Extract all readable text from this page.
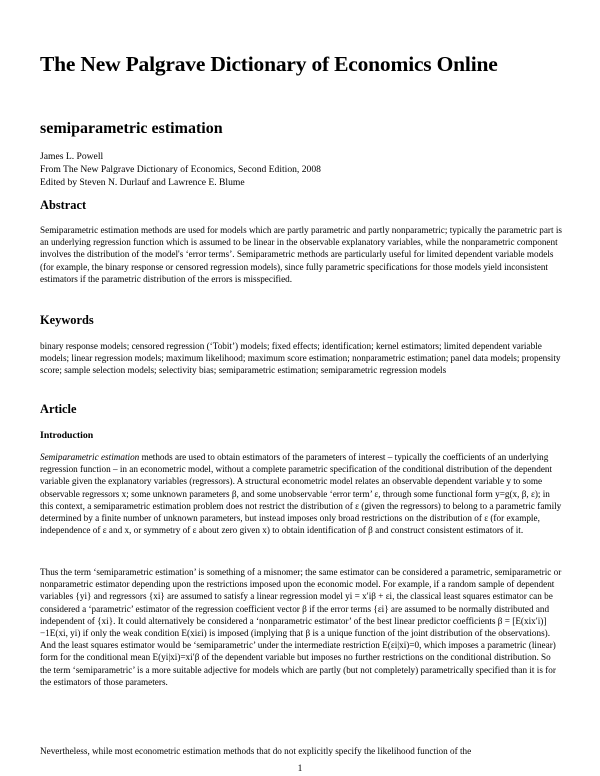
The New Palgrave Dictionary of Economics Online
semiparametric estimation
James L. Powell
From The New Palgrave Dictionary of Economics, Second Edition, 2008
Edited by Steven N. Durlauf and Lawrence E. Blume
Abstract
Semiparametric estimation methods are used for models which are partly parametric and partly nonparametric; typically the parametric part is an underlying regression function which is assumed to be linear in the observable explanatory variables, while the nonparametric component involves the distribution of the model's ‘error terms’. Semiparametric methods are particularly useful for limited dependent variable models (for example, the binary response or censored regression models), since fully parametric specifications for those models yield inconsistent estimators if the parametric distribution of the errors is misspecified.
Keywords
binary response models; censored regression (‘Tobit’) models; fixed effects; identification; kernel estimators; limited dependent variable models; linear regression models; maximum likelihood; maximum score estimation; nonparametric estimation; panel data models; propensity score; sample selection models; selectivity bias; semiparametric estimation; semiparametric regression models
Article
Introduction
Semiparametric estimation methods are used to obtain estimators of the parameters of interest – typically the coefficients of an underlying regression function – in an econometric model, without a complete parametric specification of the conditional distribution of the dependent variable given the explanatory variables (regressors). A structural econometric model relates an observable dependent variable y to some observable regressors x; some unknown parameters β, and some unobservable ‘error term’ ε, through some functional form y=g(x, β, ε); in this context, a semiparametric estimation problem does not restrict the distribution of ε (given the regressors) to belong to a parametric family determined by a finite number of unknown parameters, but instead imposes only broad restrictions on the distribution of ε (for example, independence of ε and x, or symmetry of ε about zero given x) to obtain identification of β and construct consistent estimators of it.
Thus the term ‘semiparametric estimation’ is something of a misnomer; the same estimator can be considered a parametric, semiparametric or nonparametric estimator depending upon the restrictions imposed upon the economic model. For example, if a random sample of dependent variables {yi} and regressors {xi} are assumed to satisfy a linear regression model yi = x′iβ + εi, the classical least squares estimator can be considered a ‘parametric’ estimator of the regression coefficient vector β if the error terms {εi} are assumed to be normally distributed and independent of {xi}. It could alternatively be considered a ‘nonparametric estimator’ of the best linear predictor coefficients β = [E(xix′i)]−1E(xi, yi) if only the weak condition E(xiεi) is imposed (implying that β is a unique function of the joint distribution of the observations). And the least squares estimator would be ‘semiparametric’ under the intermediate restriction E(εi|xi)=0, which imposes a parametric (linear) form for the conditional mean E(yi|xi)=xi′β of the dependent variable but imposes no further restrictions on the conditional distribution. So the term ‘semiparametric’ is a more suitable adjective for models which are partly (but not completely) parametrically specified than it is for the estimators of those parameters.
Nevertheless, while most econometric estimation methods that do not explicitly specify the likelihood function of the
1
